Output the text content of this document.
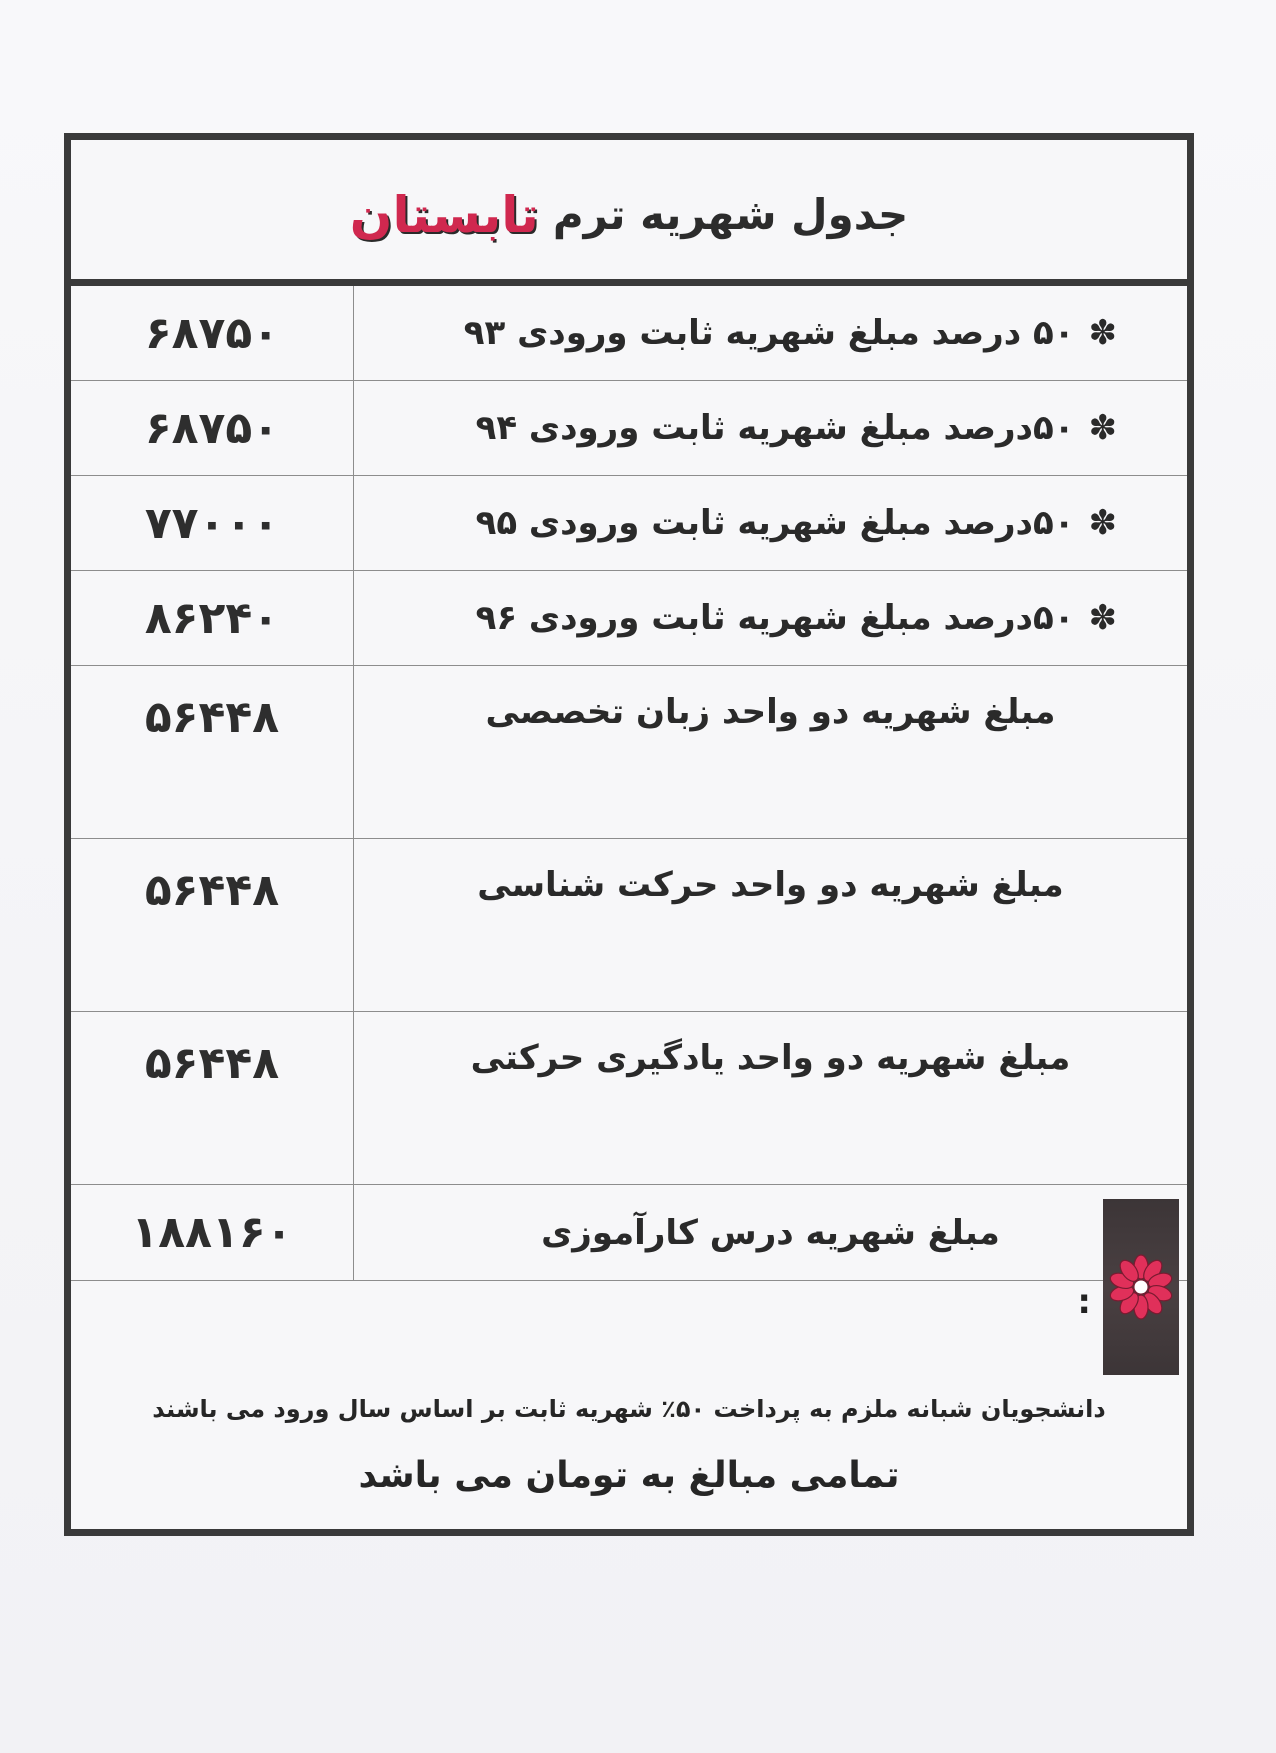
جدول شهریه ترم
تابستان
✽۵۰ درصد مبلغ شهریه ثابت ورودی ۹۳	۶۸۷۵۰
✽۵۰درصد مبلغ شهریه ثابت ورودی ۹۴	۶۸۷۵۰
✽۵۰درصد مبلغ شهریه ثابت ورودی ۹۵	۷۷۰۰۰
✽۵۰درصد مبلغ شهریه ثابت ورودی ۹۶	۸۶۲۴۰
مبلغ شهریه دو واحد زبان تخصصی	۵۶۴۴۸
مبلغ شهریه دو واحد حرکت شناسی	۵۶۴۴۸
مبلغ شهریه دو واحد یادگیری حرکتی	۵۶۴۴۸
مبلغ شهریه درس کارآموزی	۱۸۸۱۶۰
:
دانشجویان شبانه ملزم به پرداخت ۵۰٪ شهریه ثابت بر اساس سال ورود می باشند
تمامی مبالغ به تومان می باشد
